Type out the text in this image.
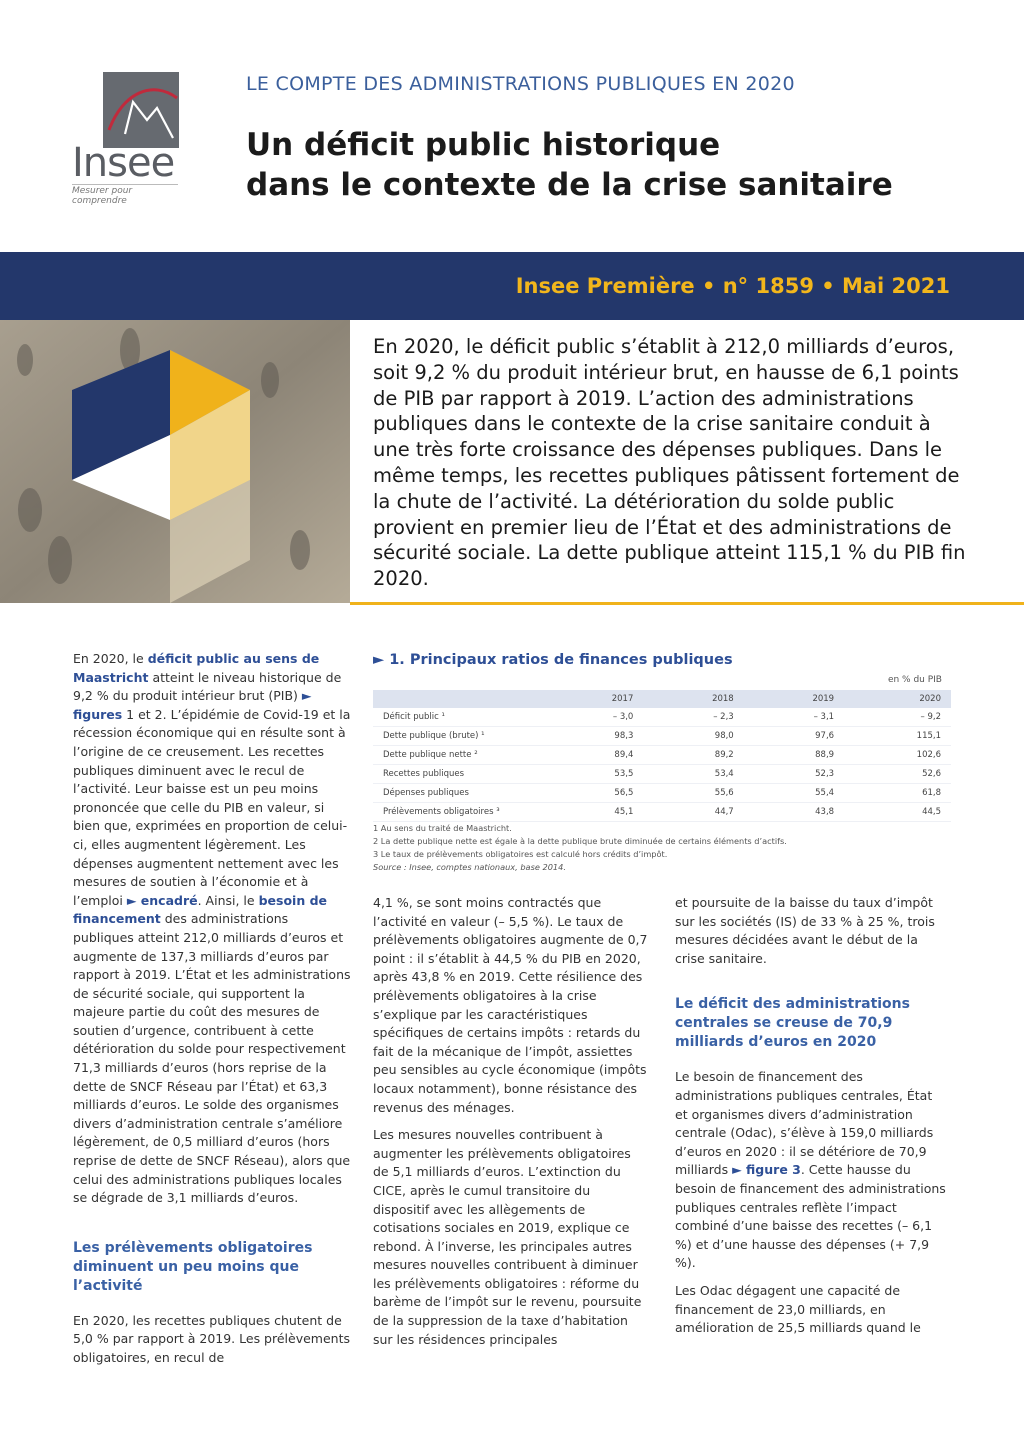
Insee
Mesurer pour comprendre
LE COMPTE DES ADMINISTRATIONS PUBLIQUES EN 2020
Un déficit public historique
dans le contexte de la crise sanitaire
Insee Première • n° 1859 • Mai 2021

En 2020, le déficit public s’établit à 212,0 milliards d’euros, soit 9,2 % du produit intérieur brut, en hausse de 6,1 points de PIB par rapport à 2019. L’action des administrations publiques dans le contexte de la crise sanitaire conduit à une très forte croissance des dépenses publiques. Dans le même temps, les recettes publiques pâtissent fortement de la chute de l’activité. La détérioration du solde public provient en premier lieu de l’État et des administrations de sécurité sociale. La dette publique atteint 115,1 % du PIB fin 2020.

En 2020, le déficit public au sens de Maastricht atteint le niveau historique de 9,2 % du produit intérieur brut (PIB) ► figures 1 et 2. L’épidémie de Covid-19 et la récession économique qui en résulte sont à l’origine de ce creusement. Les recettes publiques diminuent avec le recul de l’activité. Leur baisse est un peu moins prononcée que celle du PIB en valeur, si bien que, exprimées en proportion de celui-ci, elles augmentent légèrement. Les dépenses augmentent nettement avec les mesures de soutien à l’économie et à l’emploi ► encadré. Ainsi, le besoin de financement des administrations publiques atteint 212,0 milliards d’euros et augmente de 137,3 milliards d’euros par rapport à 2019. L’État et les administrations de sécurité sociale, qui supportent la majeure partie du coût des mesures de soutien d’urgence, contribuent à cette détérioration du solde pour respectivement 71,3 milliards d’euros (hors reprise de la dette de SNCF Réseau par l’État) et 63,3 milliards d’euros. Le solde des organismes divers d’administration centrale s’améliore légèrement, de 0,5 milliard d’euros (hors reprise de dette de SNCF Réseau), alors que celui des administrations publiques locales se dégrade de 3,1 milliards d’euros.

Les prélèvements obligatoires diminuent un peu moins que l’activité

En 2020, les recettes publiques chutent de 5,0 % par rapport à 2019. Les prélèvements obligatoires, en recul de

► 1. Principaux ratios de finances publiques
en % du PIB
	2017	2018	2019	2020
Déficit public ¹	– 3,0	– 2,3	– 3,1	– 9,2
Dette publique (brute) ¹	98,3	98,0	97,6	115,1
Dette publique nette ²	89,4	89,2	88,9	102,6
Recettes publiques	53,5	53,4	52,3	52,6
Dépenses publiques	56,5	55,6	55,4	61,8
Prélèvements obligatoires ³	45,1	44,7	43,8	44,5
1 Au sens du traité de Maastricht.
2 La dette publique nette est égale à la dette publique brute diminuée de certains éléments d’actifs.
3 Le taux de prélèvements obligatoires est calculé hors crédits d’impôt.
Source : Insee, comptes nationaux, base 2014.

4,1 %, se sont moins contractés que l’activité en valeur (– 5,5 %). Le taux de prélèvements obligatoires augmente de 0,7 point : il s’établit à 44,5 % du PIB en 2020, après 43,8 % en 2019. Cette résilience des prélèvements obligatoires à la crise s’explique par les caractéristiques spécifiques de certains impôts : retards du fait de la mécanique de l’impôt, assiettes peu sensibles au cycle économique (impôts locaux notamment), bonne résistance des revenus des ménages.

Les mesures nouvelles contribuent à augmenter les prélèvements obligatoires de 5,1 milliards d’euros. L’extinction du CICE, après le cumul transitoire du dispositif avec les allègements de cotisations sociales en 2019, explique ce rebond. À l’inverse, les principales autres mesures nouvelles contribuent à diminuer les prélèvements obligatoires : réforme du barème de l’impôt sur le revenu, poursuite de la suppression de la taxe d’habitation sur les résidences principales

et poursuite de la baisse du taux d’impôt sur les sociétés (IS) de 33 % à 25 %, trois mesures décidées avant le début de la crise sanitaire.

Le déficit des administrations centrales se creuse de 70,9 milliards d’euros en 2020

Le besoin de financement des administrations publiques centrales, État et organismes divers d’administration centrale (Odac), s’élève à 159,0 milliards d’euros en 2020 : il se détériore de 70,9 milliards ► figure 3. Cette hausse du besoin de financement des administrations publiques centrales reflète l’impact combiné d’une baisse des recettes (– 6,1 %) et d’une hausse des dépenses (+ 7,9 %).

Les Odac dégagent une capacité de financement de 23,0 milliards, en amélioration de 25,5 milliards quand le
